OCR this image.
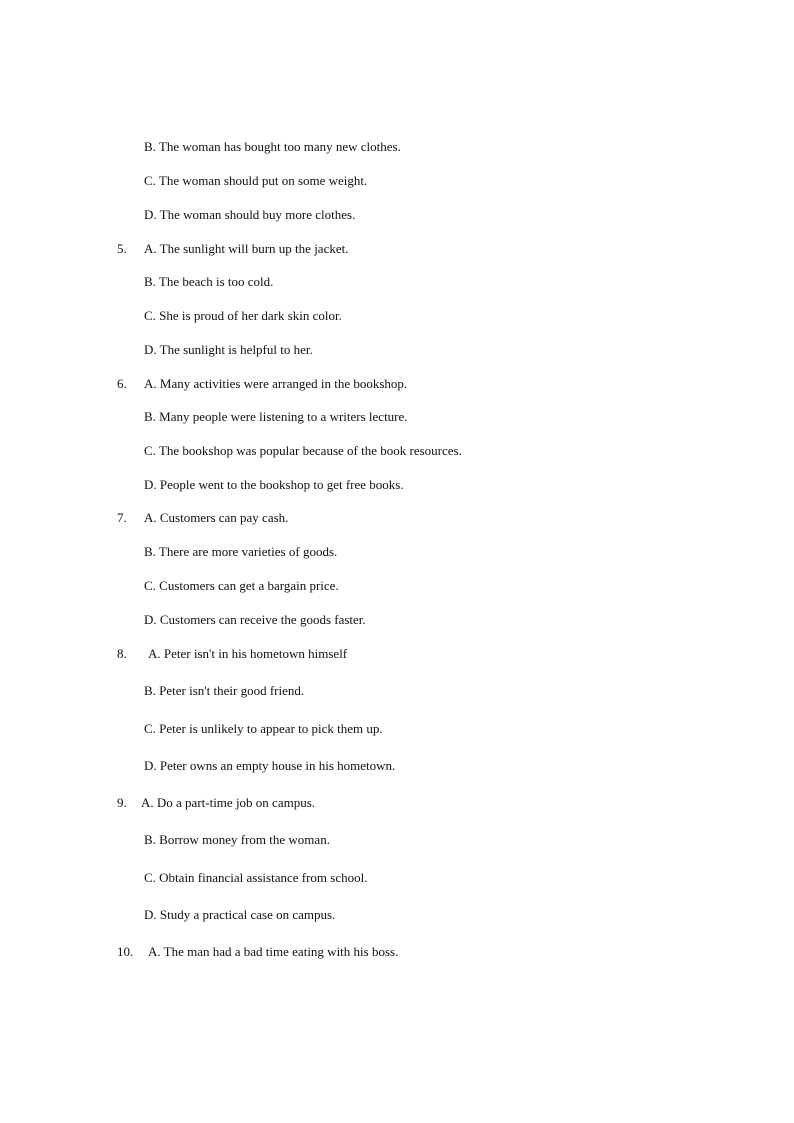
B. The woman has bought too many new clothes.
C. The woman should put on some weight.
D. The woman should buy more clothes.
5. A. The sunlight will burn up the jacket.
B. The beach is too cold.
C. She is proud of her dark skin color.
D. The sunlight is helpful to her.
6. A. Many activities were arranged in the bookshop.
B. Many people were listening to a writers lecture.
C. The bookshop was popular because of the book resources.
D. People went to the bookshop to get free books.
7. A. Customers can pay cash.
B. There are more varieties of goods.
C. Customers can get a bargain price.
D. Customers can receive the goods faster.
8. A. Peter isn't in his hometown himself
B. Peter isn't their good friend.
C. Peter is unlikely to appear to pick them up.
D. Peter owns an empty house in his hometown.
9. A. Do a part-time job on campus.
B. Borrow money from the woman.
C. Obtain financial assistance from school.
D. Study a practical case on campus.
10. A. The man had a bad time eating with his boss.
